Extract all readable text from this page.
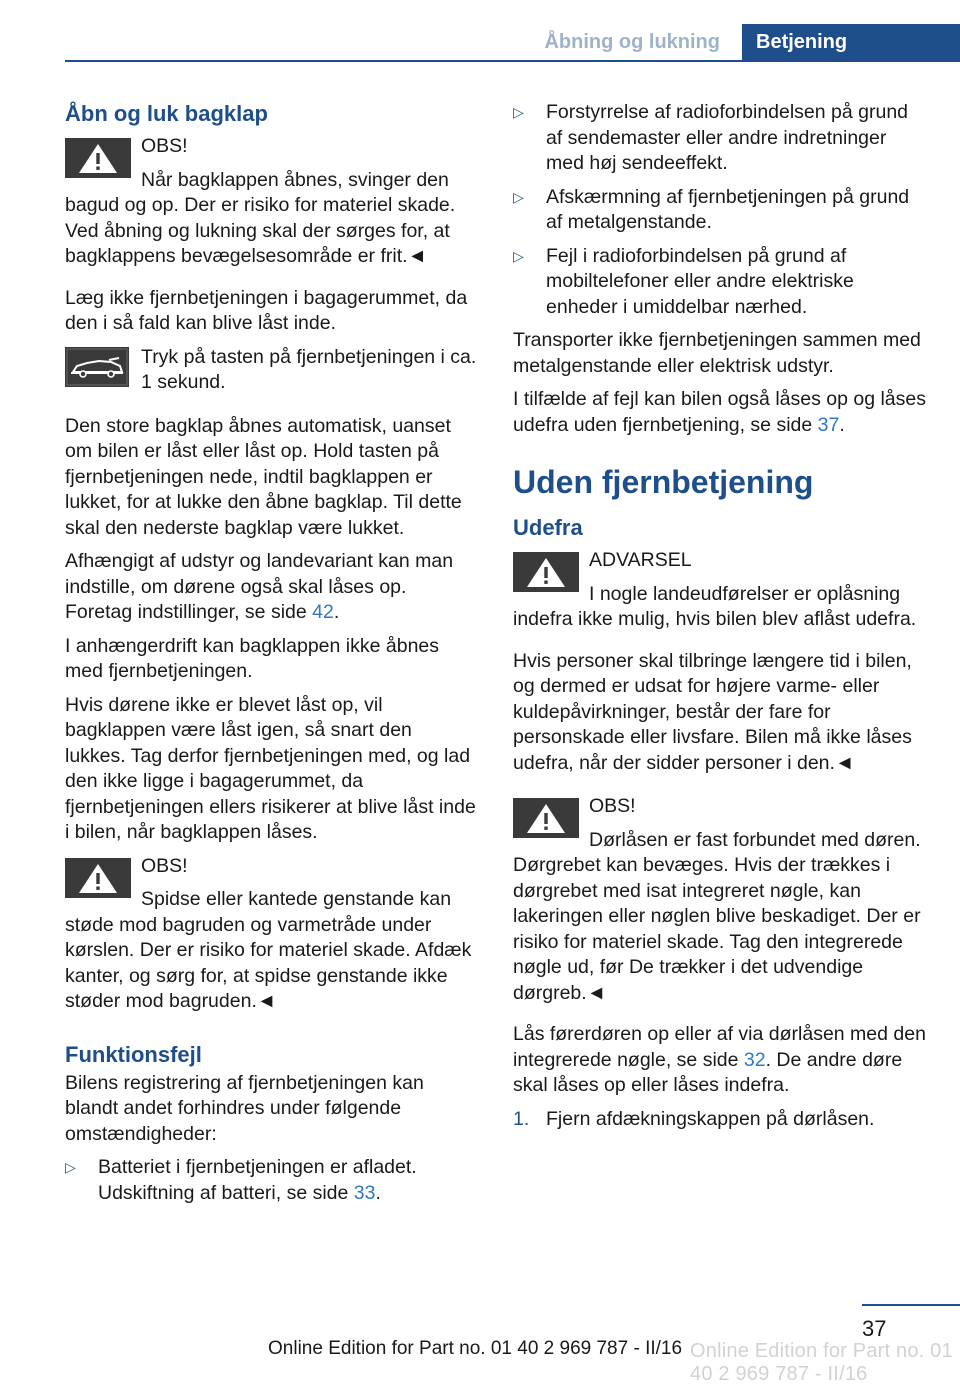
Åbning og lukning	Betjening
Åbn og luk bagklap
OBS!

Når bagklappen åbnes, svinger den bagud og op. Der er risiko for materiel skade. Ved åbning og lukning skal der sørges for, at bagklappens bevægelsesområde er frit.◄

Læg ikke fjernbetjeningen i bagagerummet, da den i så fald kan blive låst inde.

Tryk på tasten på fjernbetjeningen i ca. 1 sekund.

Den store bagklap åbnes automatisk, uanset om bilen er låst eller låst op. Hold tasten på fjernbetjeningen nede, indtil bagklappen er lukket, for at lukke den åbne bagklap. Til dette skal den nederste bagklap være lukket.

Afhængigt af udstyr og landevariant kan man indstille, om dørene også skal låses op. Foretag indstillinger, se side 42.

I anhængerdrift kan bagklappen ikke åbnes med fjernbetjeningen.

Hvis dørene ikke er blevet låst op, vil bagklappen være låst igen, så snart den lukkes. Tag derfor fjernbetjeningen med, og lad den ikke ligge i bagagerummet, da fjernbetjeningen ellers risikerer at blive låst inde i bilen, når bagklappen låses.

OBS!

Spidse eller kantede genstande kan støde mod bagruden og varmetråde under kørslen. Der er risiko for materiel skade. Afdæk kanter, og sørg for, at spidse genstande ikke støder mod bagruden.◄

Funktionsfejl

Bilens registrering af fjernbetjeningen kan blandt andet forhindres under følgende omstændigheder:

▷ Batteriet i fjernbetjeningen er afladet. Udskiftning af batteri, se side 33.
▷ Forstyrrelse af radioforbindelsen på grund af sendemaster eller andre indretninger med høj sendeeffekt.
▷ Afskærmning af fjernbetjeningen på grund af metalgenstande.
▷ Fejl i radioforbindelsen på grund af mobiltelefoner eller andre elektriske enheder i umiddelbar nærhed.

Transporter ikke fjernbetjeningen sammen med metalgenstande eller elektrisk udstyr.

I tilfælde af fejl kan bilen også låses op og låses udefra uden fjernbetjening, se side 37.

Uden fjernbetjening
Udefra
ADVARSEL

I nogle landeudførelser er oplåsning indefra ikke mulig, hvis bilen blev aflåst udefra.

Hvis personer skal tilbringe længere tid i bilen, og dermed er udsat for højere varme- eller kuldepåvirkninger, består der fare for personskade eller livsfare. Bilen må ikke låses udefra, når der sidder personer i den.◄

OBS!

Dørlåsen er fast forbundet med døren. Dørgrebet kan bevæges. Hvis der trækkes i dørgrebet med isat integreret nøgle, kan lakeringen eller nøglen blive beskadiget. Der er risiko for materiel skade. Tag den integrerede nøgle ud, før De trækker i det udvendige dørgreb.◄

Lås førerdøren op eller af via dørlåsen med den integrerede nøgle, se side 32. De andre døre skal låses op eller låses indefra.

1. Fjern afdækningskappen på dørlåsen.
37
Online Edition for Part no. 01 40 2 969 787 - II/16 Online Edition for Part no. 01 40 2 969 787 - II/16
